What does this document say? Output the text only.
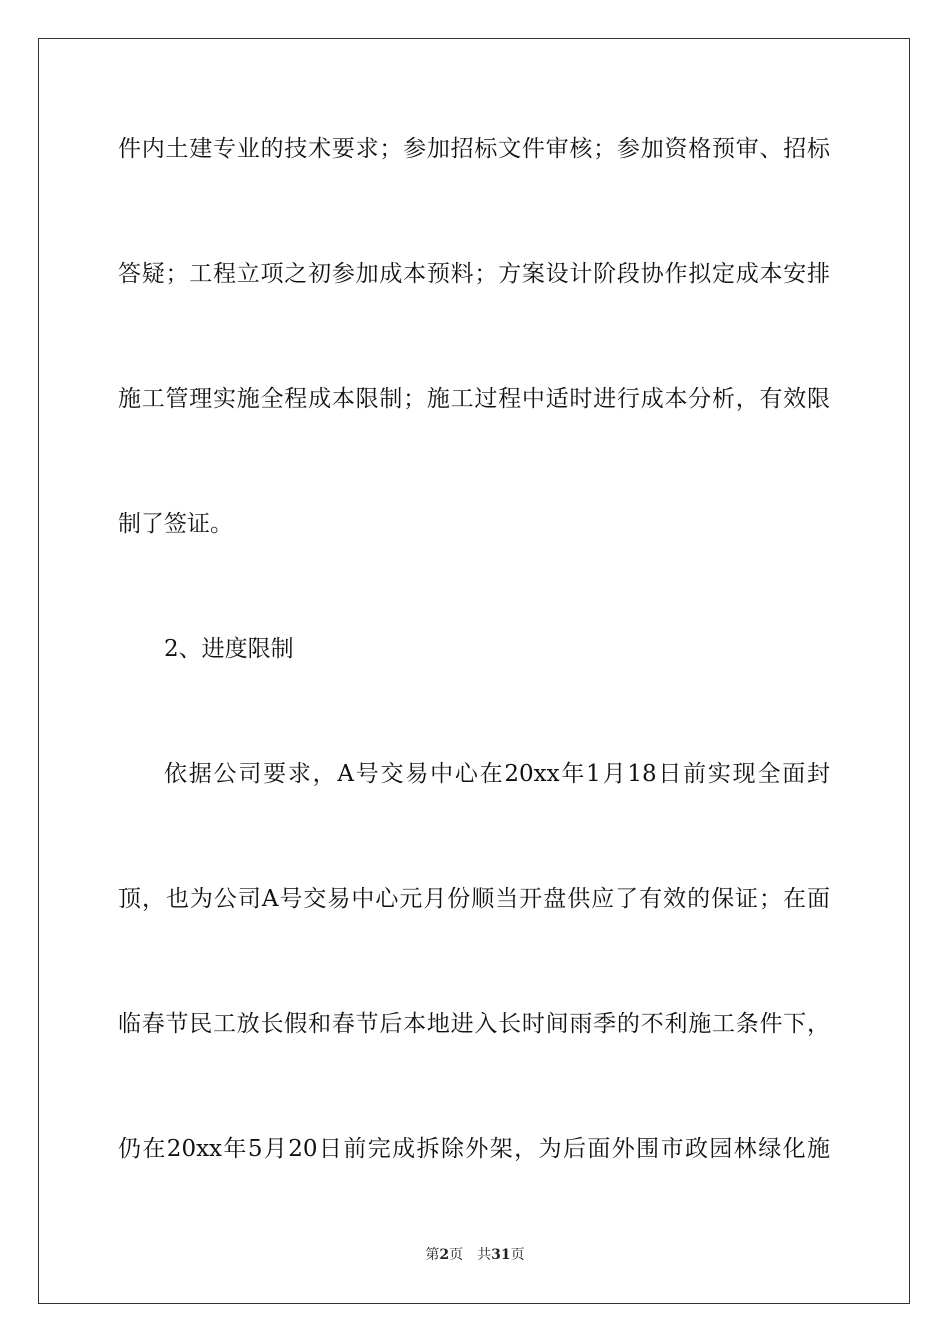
件内土建专业的技术要求；参加招标文件审核；参加资格预审、招标
答疑；工程立项之初参加成本预料；方案设计阶段协作拟定成本安排
施工管理实施全程成本限制；施工过程中适时进行成本分析，有效限
制了签证。
2、进度限制
依据公司要求，A号交易中心在20xx年1月18日前实现全面封
顶，也为公司A号交易中心元月份顺当开盘供应了有效的保证；在面
临春节民工放长假和春节后本地进入长时间雨季的不利施工条件下，
仍在20xx年5月20日前完成拆除外架，为后面外围市政园林绿化施
第2页 共31页
